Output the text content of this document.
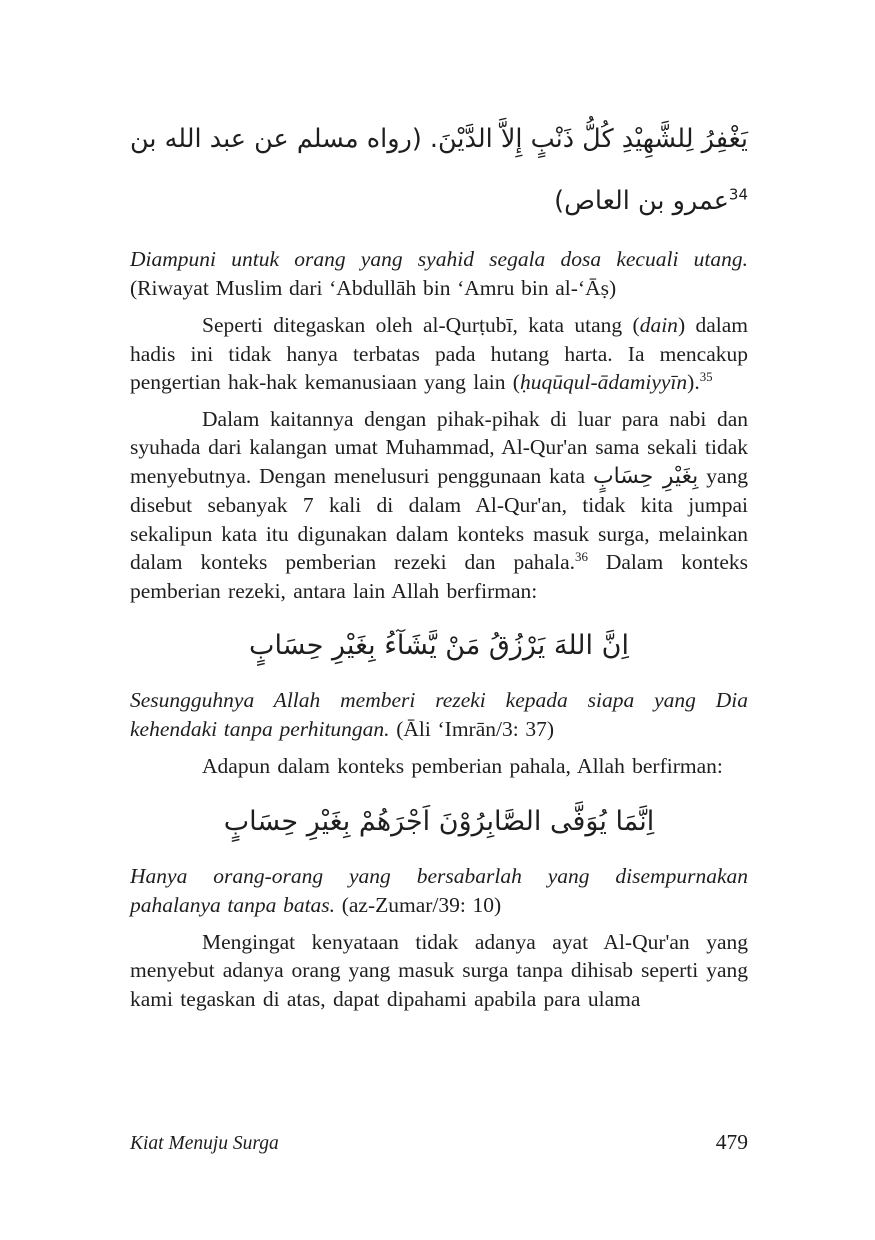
يَغْفِرُ لِلشَّهِيْدِ كُلُّ ذَنْبٍ إِلاَّ الدَّيْنَ. (رواه مسلم عن عبد الله بن عمرو بن العاص)$^{34}$

Diampuni untuk orang yang syahid segala dosa kecuali utang. (Riwayat Muslim dari ‘Abdullāh bin ‘Amru bin al-‘Āṣ)

Seperti ditegaskan oleh al-Qurṭubī, kata utang (dain) dalam hadis ini tidak hanya terbatas pada hutang harta. Ia mencakup pengertian hak-hak kemanusiaan yang lain (ḥuqūqul-ādamiyyīn).$^{35}$

Dalam kaitannya dengan pihak-pihak di luar para nabi dan syuhada dari kalangan umat Muhammad, Al-Qur'an sama sekali tidak menyebutnya. Dengan menelusuri penggunaan kata بِغَيْرِ حِسَابٍ yang disebut sebanyak 7 kali di dalam Al-Qur'an, tidak kita jumpai sekalipun kata itu digunakan dalam konteks masuk surga, melainkan dalam konteks pemberian rezeki dan pahala.$^{36}$ Dalam konteks pemberian rezeki, antara lain Allah berfirman:

اِنَّ اللهَ يَرْزُقُ مَنْ يَّشَآءُ بِغَيْرِ حِسَابٍ

Sesungguhnya Allah memberi rezeki kepada siapa yang Dia kehendaki tanpa perhitungan. (Āli ‘Imrān/3: 37)

Adapun dalam konteks pemberian pahala, Allah berfirman:

اِنَّمَا يُوَفَّى الصَّابِرُوْنَ اَجْرَهُمْ بِغَيْرِ حِسَابٍ

Hanya orang-orang yang bersabarlah yang disempurnakan pahalanya tanpa batas. (az-Zumar/39: 10)

Mengingat kenyataan tidak adanya ayat Al-Qur'an yang menyebut adanya orang yang masuk surga tanpa dihisab seperti yang kami tegaskan di atas, dapat dipahami apabila para ulama

Kiat Menuju Surga	479
